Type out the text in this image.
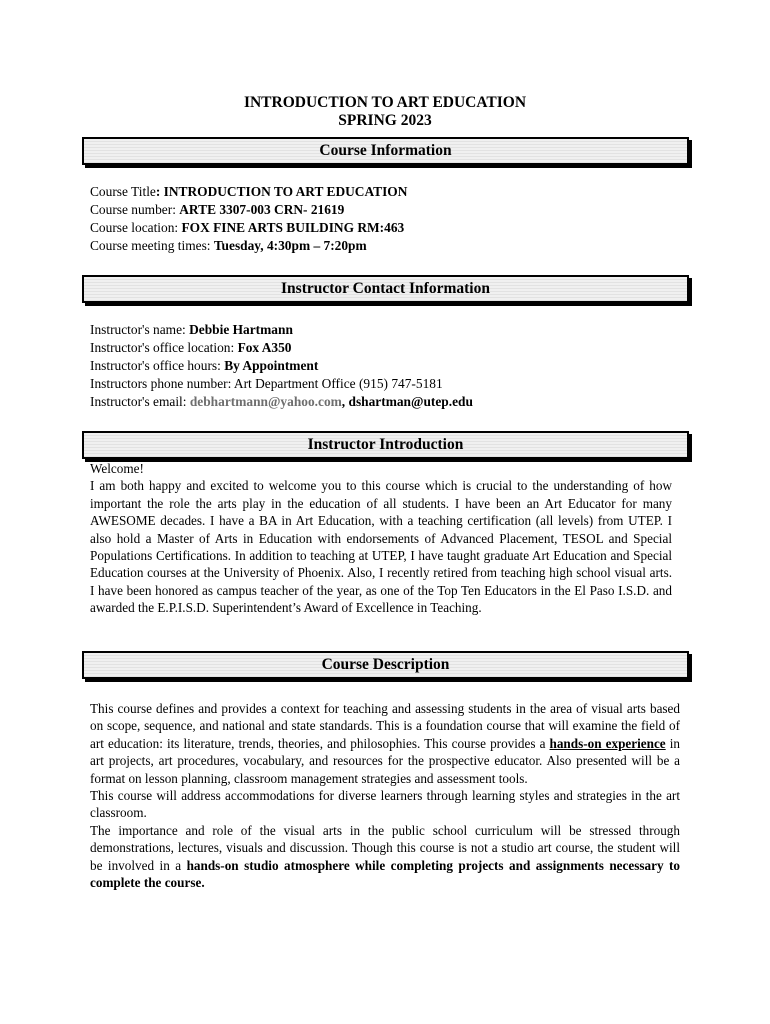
INTRODUCTION TO ART EDUCATION
SPRING 2023
Course Information
Course Title: INTRODUCTION TO ART EDUCATION
Course number: ARTE 3307-003 CRN- 21619
Course location: FOX FINE ARTS BUILDING RM:463
Course meeting times: Tuesday, 4:30pm – 7:20pm
Instructor Contact Information
Instructor's name: Debbie Hartmann
Instructor's office location: Fox A350
Instructor's office hours: By Appointment
Instructors phone number: Art Department Office (915) 747-5181
Instructor's email: debhartmann@yahoo.com, dshartman@utep.edu
Instructor Introduction

Welcome!

I am both happy and excited to welcome you to this course which is crucial to the understanding of how important the role the arts play in the education of all students. I have been an Art Educator for many AWESOME decades. I have a BA in Art Education, with a teaching certification (all levels) from UTEP. I also hold a Master of Arts in Education with endorsements of Advanced Placement, TESOL and Special Populations Certifications. In addition to teaching at UTEP, I have taught graduate Art Education and Special Education courses at the University of Phoenix. Also, I recently retired from teaching high school visual arts. I have been honored as campus teacher of the year, as one of the Top Ten Educators in the El Paso I.S.D. and awarded the E.P.I.S.D. Superintendent’s Award of Excellence in Teaching.

Course Description

This course defines and provides a context for teaching and assessing students in the area of visual arts based on scope, sequence, and national and state standards. This is a foundation course that will examine the field of art education: its literature, trends, theories, and philosophies. This course provides a hands-on experience in art projects, art procedures, vocabulary, and resources for the prospective educator. Also presented will be a format on lesson planning, classroom management strategies and assessment tools.

This course will address accommodations for diverse learners through learning styles and strategies in the art classroom.

The importance and role of the visual arts in the public school curriculum will be stressed through demonstrations, lectures, visuals and discussion. Though this course is not a studio art course, the student will be involved in a hands-on studio atmosphere while completing projects and assignments necessary to complete the course.
